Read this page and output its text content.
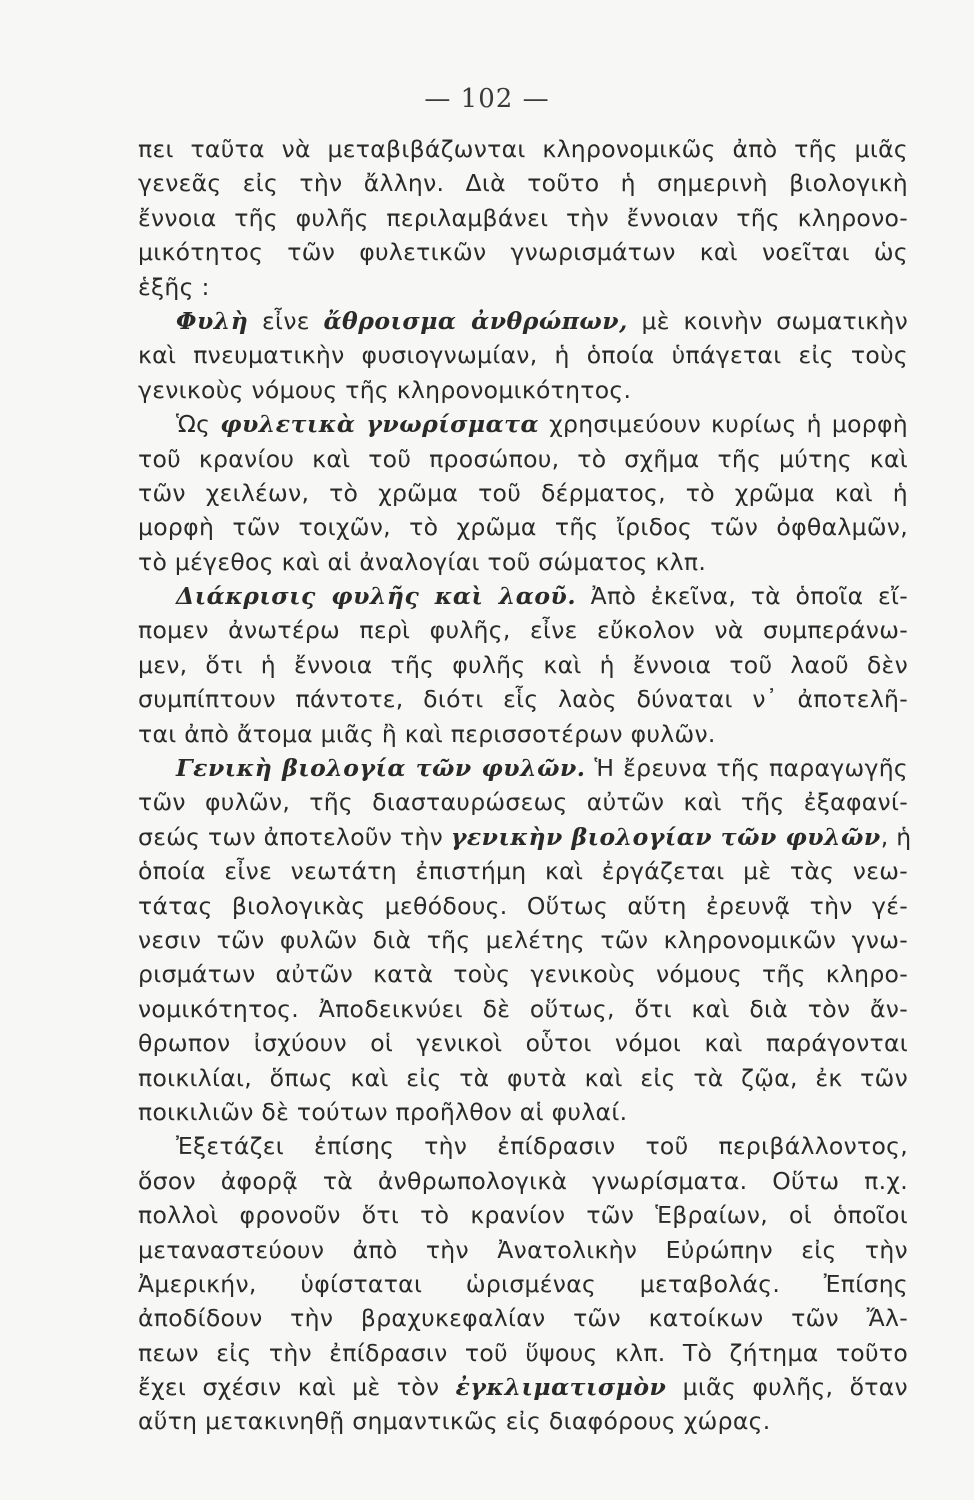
— 102 —
πει ταῦτα νὰ μεταβιβάζωνται κληρονομικῶς ἀπὸ τῆς μιᾶς
γενεᾶς εἰς τὴν ἄλλην. Διὰ τοῦτο ἡ σημερινὴ βιολογικὴ
ἔννοια τῆς φυλῆς περιλαμβάνει τὴν ἔννοιαν τῆς κληρονο-
μικότητος τῶν φυλετικῶν γνωρισμάτων καὶ νοεῖται ὡς
ἑξῆς :
Φυλὴ εἶνε ἄθροισμα ἀνθρώπων, μὲ κοινὴν σωματικὴν
καὶ πνευματικὴν φυσιογνωμίαν, ἡ ὁποία ὑπάγεται εἰς τοὺς
γενικοὺς νόμους τῆς κληρονομικότητος.
Ὡς φυλετικὰ γνωρίσματα χρησιμεύουν κυρίως ἡ μορφὴ
τοῦ κρανίου καὶ τοῦ προσώπου, τὸ σχῆμα τῆς μύτης καὶ
τῶν χειλέων, τὸ χρῶμα τοῦ δέρματος, τὸ χρῶμα καὶ ἡ
μορφὴ τῶν τοιχῶν, τὸ χρῶμα τῆς ἴριδος τῶν ὀφθαλμῶν,
τὸ μέγεθος καὶ αἱ ἀναλογίαι τοῦ σώματος κλπ.
Διάκρισις φυλῆς καὶ λαοῦ. Ἀπὸ ἐκεῖνα, τὰ ὁποῖα εἴ-
πομεν ἀνωτέρω περὶ φυλῆς, εἶνε εὔκολον νὰ συμπεράνω-
μεν, ὅτι ἡ ἔννοια τῆς φυλῆς καὶ ἡ ἔννοια τοῦ λαοῦ δὲν
συμπίπτουν πάντοτε, διότι εἷς λαὸς δύναται ν᾽ ἀποτελῆ-
ται ἀπὸ ἄτομα μιᾶς ἢ καὶ περισσοτέρων φυλῶν.
Γενικὴ βιολογία τῶν φυλῶν. Ἡ ἔρευνα τῆς παραγωγῆς
τῶν φυλῶν, τῆς διασταυρώσεως αὐτῶν καὶ τῆς ἐξαφανί-
σεώς των ἀποτελοῦν τὴν γενικὴν βιολογίαν τῶν φυλῶν, ἡ
ὁποία εἶνε νεωτάτη ἐπιστήμη καὶ ἐργάζεται μὲ τὰς νεω-
τάτας βιολογικὰς μεθόδους. Οὕτως αὕτη ἐρευνᾷ τὴν γέ-
νεσιν τῶν φυλῶν διὰ τῆς μελέτης τῶν κληρονομικῶν γνω-
ρισμάτων αὐτῶν κατὰ τοὺς γενικοὺς νόμους τῆς κληρο-
νομικότητος. Ἀποδεικνύει δὲ οὕτως, ὅτι καὶ διὰ τὸν ἄν-
θρωπον ἰσχύουν οἱ γενικοὶ οὗτοι νόμοι καὶ παράγονται
ποικιλίαι, ὅπως καὶ εἰς τὰ φυτὰ καὶ εἰς τὰ ζῷα, ἐκ τῶν
ποικιλιῶν δὲ τούτων προῆλθον αἱ φυλαί.
Ἐξετάζει ἐπίσης τὴν ἐπίδρασιν τοῦ περιβάλλοντος,
ὅσον ἀφορᾷ τὰ ἀνθρωπολογικὰ γνωρίσματα. Οὕτω π.χ.
πολλοὶ φρονοῦν ὅτι τὸ κρανίον τῶν Ἑβραίων, οἱ ὁποῖοι
μεταναστεύουν ἀπὸ τὴν Ἀνατολικὴν Εὐρώπην εἰς τὴν
Ἀμερικήν, ὑφίσταται ὡρισμένας μεταβολάς. Ἐπίσης
ἀποδίδουν τὴν βραχυκεφαλίαν τῶν κατοίκων τῶν Ἄλ-
πεων εἰς τὴν ἐπίδρασιν τοῦ ὕψους κλπ. Τὸ ζήτημα τοῦτο
ἔχει σχέσιν καὶ μὲ τὸν ἐγκλιματισμὸν μιᾶς φυλῆς, ὅταν
αὕτη μετακινηθῇ σημαντικῶς εἰς διαφόρους χώρας.
